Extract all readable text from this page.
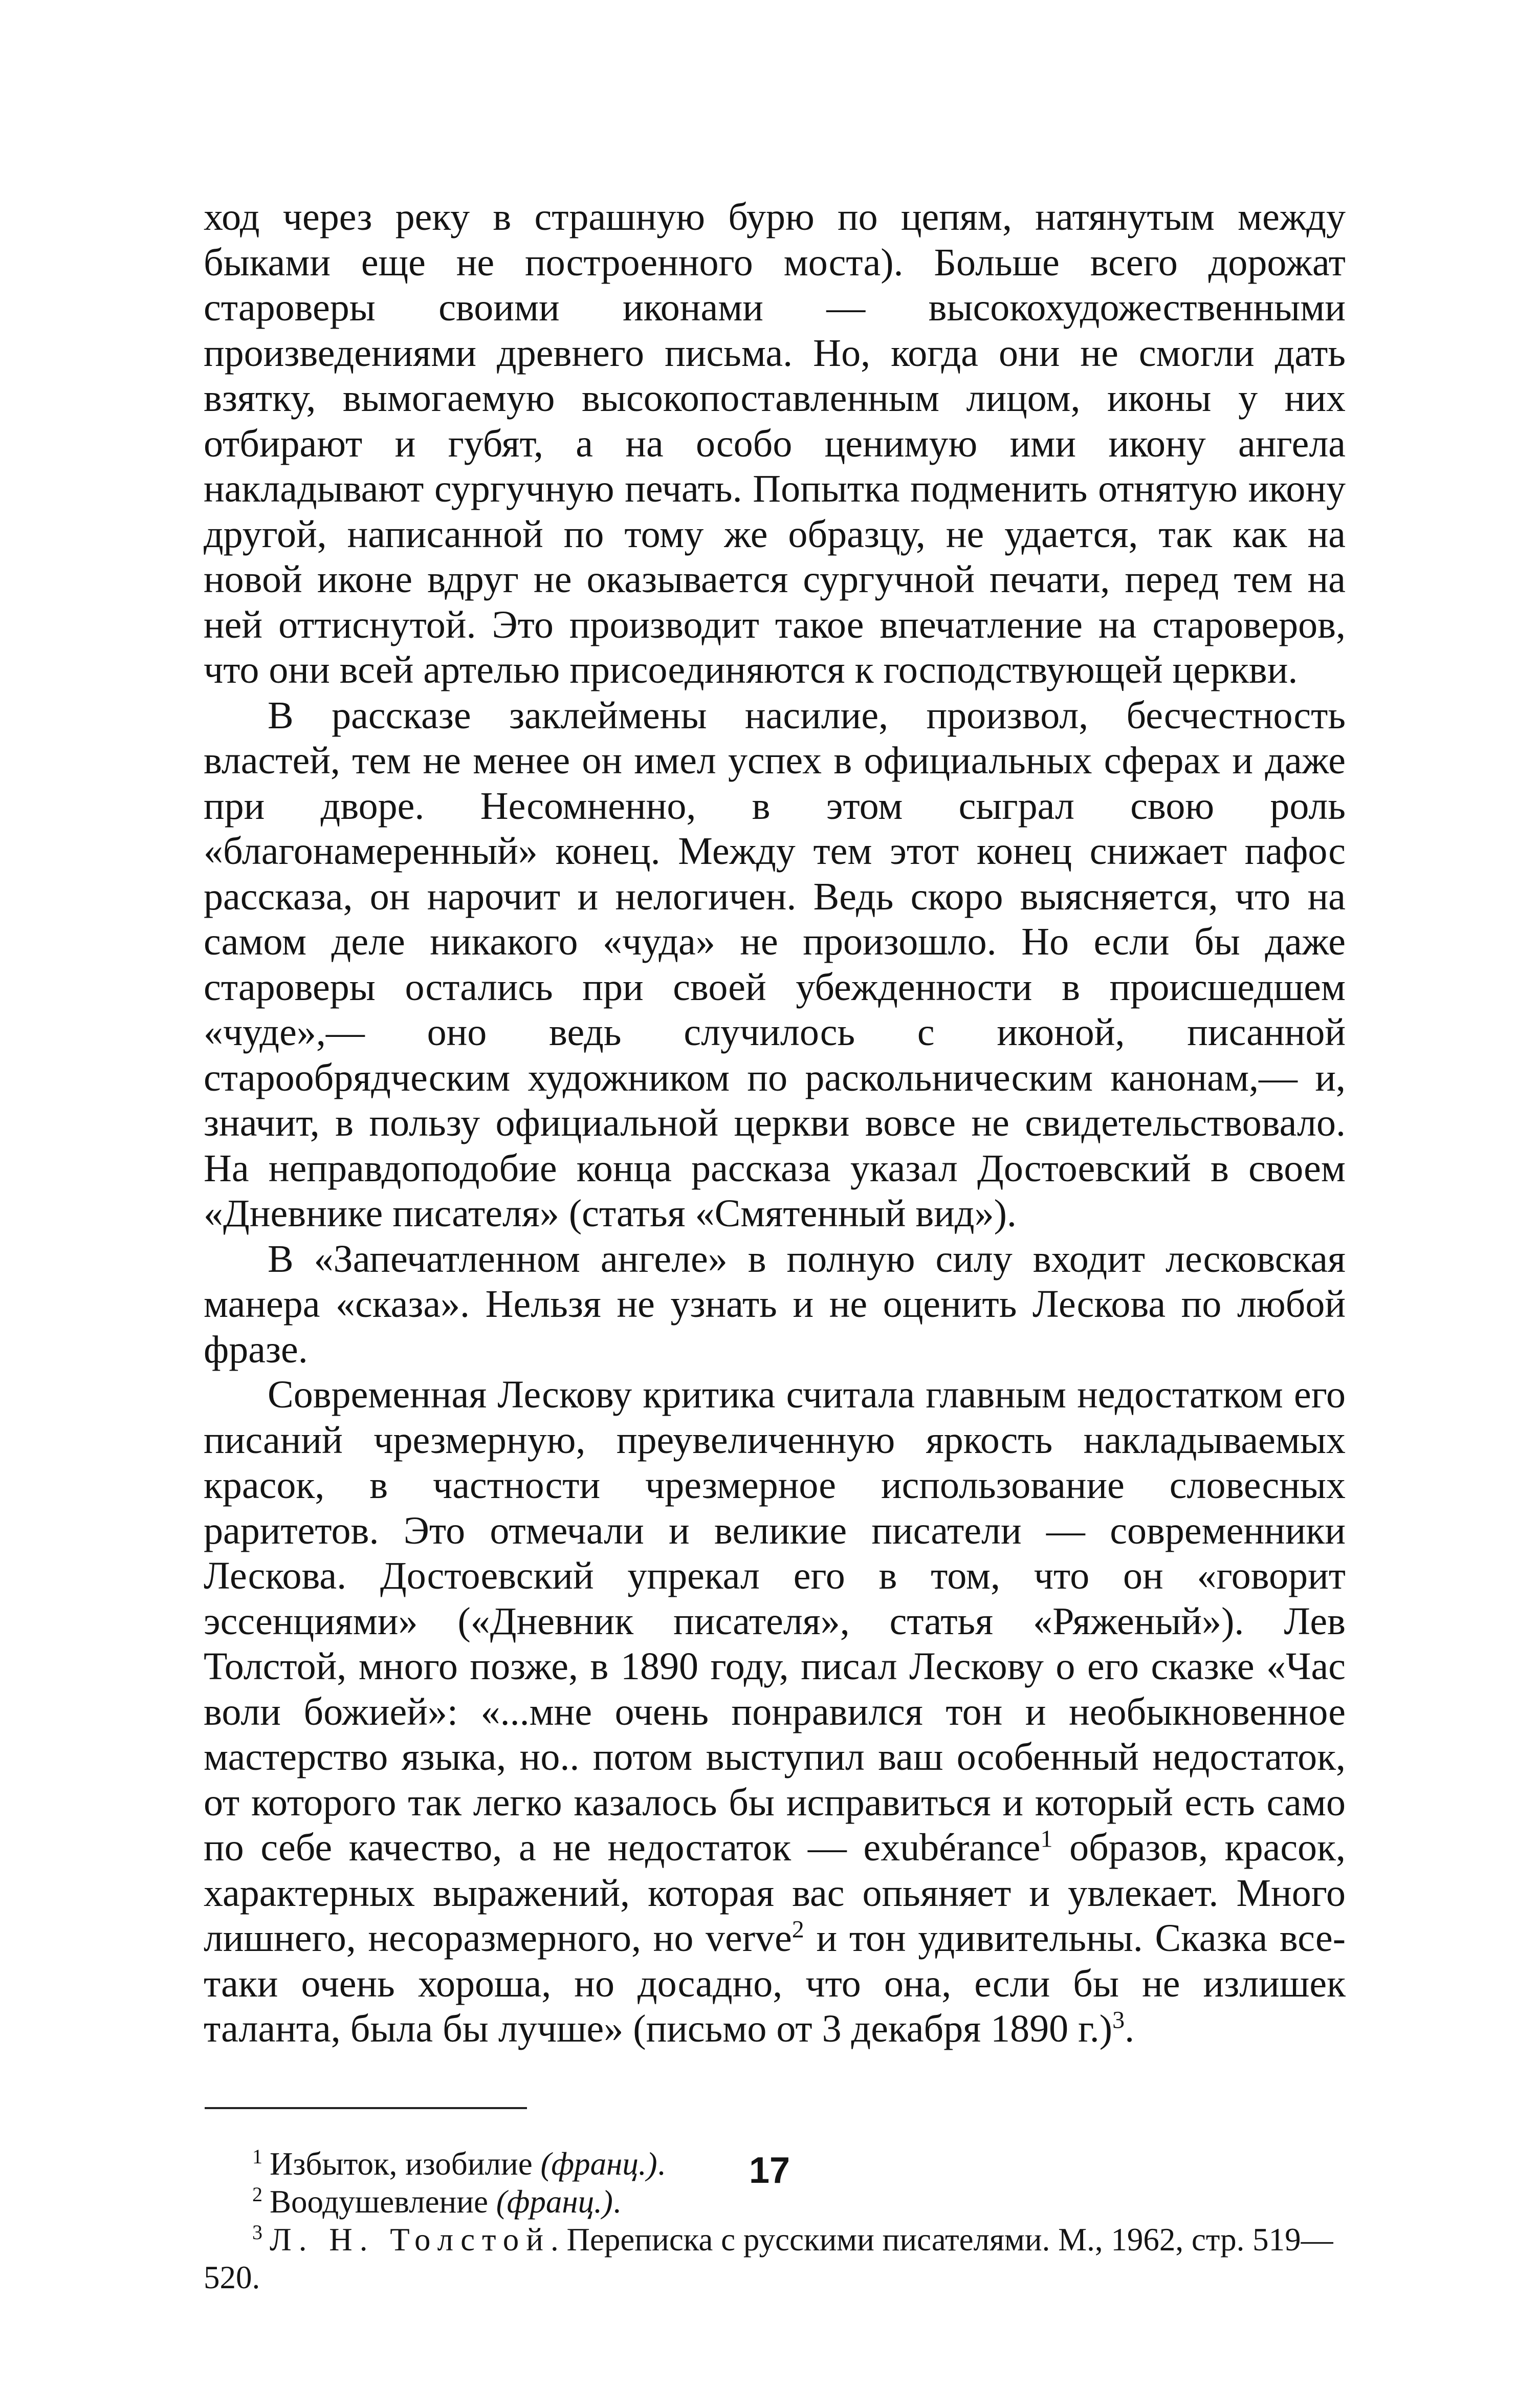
ход через реку в страшную бурю по цепям, натянутым между быками еще не построенного моста). Больше всего дорожат староверы своими иконами — высокохудожественными произведениями древнего письма. Но, когда они не смогли дать взятку, вымогаемую высокопоставленным лицом, иконы у них отбирают и губят, а на особо ценимую ими икону ангела накладывают сургучную печать. Попытка подменить отнятую икону другой, написанной по тому же образцу, не удается, так как на новой иконе вдруг не оказывается сургучной печати, перед тем на ней оттиснутой. Это производит такое впечатление на староверов, что они всей артелью присоединяются к господствующей церкви.

В рассказе заклеймены насилие, произвол, бесчестность властей, тем не менее он имел успех в официальных сферах и даже при дворе. Несомненно, в этом сыграл свою роль «благонамеренный» конец. Между тем этот конец снижает пафос рассказа, он нарочит и нелогичен. Ведь скоро выясняется, что на самом деле никакого «чуда» не произошло. Но если бы даже староверы остались при своей убежденности в происшедшем «чуде»,— оно ведь случилось с иконой, писанной старообрядческим художником по раскольническим канонам,— и, значит, в пользу официальной церкви вовсе не свидетельствовало. На неправдоподобие конца рассказа указал Достоевский в своем «Дневнике писателя» (статья «Смятенный вид»).

В «Запечатленном ангеле» в полную силу входит лесковская манера «сказа». Нельзя не узнать и не оценить Лескова по любой фразе.

Современная Лескову критика считала главным недостатком его писаний чрезмерную, преувеличенную яркость накладываемых красок, в частности чрезмерное использование словесных раритетов. Это отмечали и великие писатели — современники Лескова. Достоевский упрекал его в том, что он «говорит эссенциями» («Дневник писателя», статья «Ряженый»). Лев Толстой, много позже, в 1890 году, писал Лескову о его сказке «Час воли божией»: «...мне очень понравился тон и необыкновенное мастерство языка, но.. потом выступил ваш особенный недостаток, от которого так легко казалось бы исправиться и который есть само по себе качество, а не недостаток — exubérance$^1$ образов, красок, характерных выражений, которая вас опьяняет и увлекает. Много лишнего, несоразмерного, но verve$^2$ и тон удивительны. Сказка все-таки очень хороша, но досадно, что она, если бы не излишек таланта, была бы лучше» (письмо от 3 декабря 1890 г.)$^3$.

$^1$ Избыток, изобилие (франц.).

$^2$ Воодушевление (франц.).

$^3$ Л. Н. Толстой. Переписка с русскими писателями. М., 1962, стр. 519—520.

17
